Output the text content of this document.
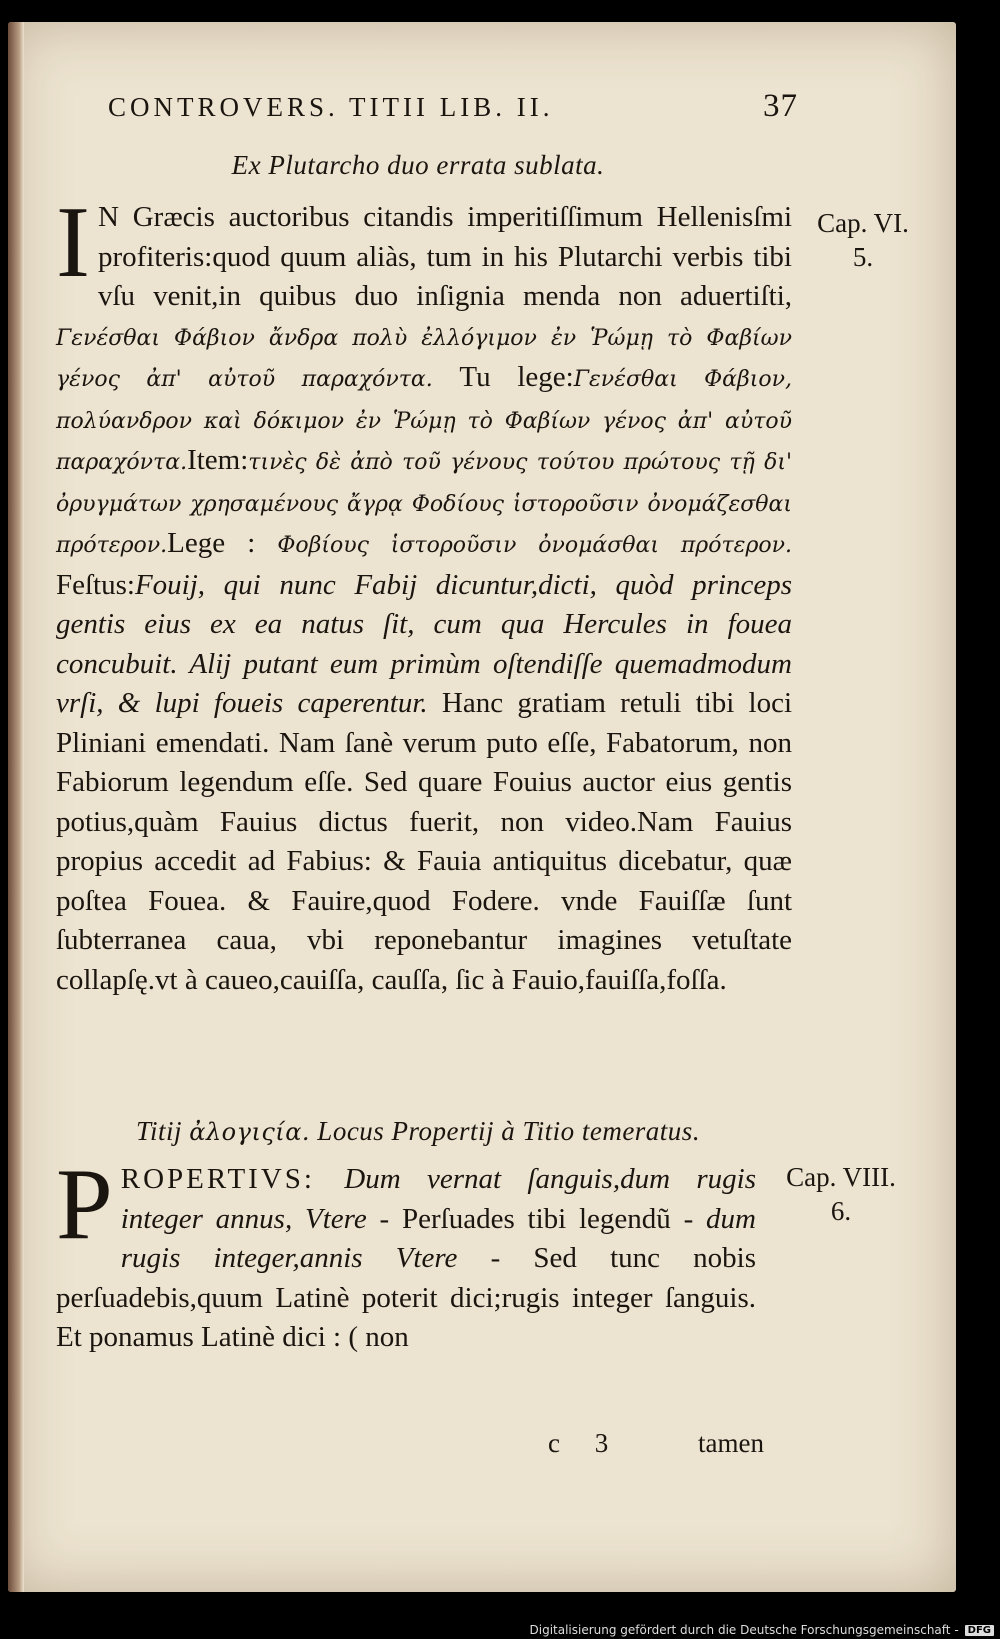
CONTROVERS. TITII LIB. II.	37
Ex Plutarcho duo errata sublata.
I N Græcis auctoribus citandis imperitiſſimum Hellenisſmi profiteris:quod quum aliàs, tum in his Plutarchi verbis tibi vſu venit,in quibus duo inſignia menda non aduertiſti, Γενέσθαι Φάβιον ἄνδρα πολὺ ἐλλόγιμον ἐν Ῥώμῃ τὸ Φαβίων γένος ἀπ' αὐτοῦ παραχόντα. Tu lege:Γενέσθαι Φάβιον, πολύανδρον καὶ δόκιμον ἐν Ῥώμῃ τὸ Φαβίων γένος ἀπ' αὐτοῦ παραχόντα.Item:τινὲς δὲ ἀπὸ τοῦ γένους τούτου πρώτους τῇ δι' ὀρυγμάτων χρησαμένους ἄγρᾳ Φοδίους ἱστοροῦσιν ὀνομάζεσθαι πρότερον.Lege : Φοβίους ἱστοροῦσιν ὀνομάσθαι πρότερον. Feſtus:Fouij, qui nunc Fabij dicuntur,dicti, quòd princeps gentis eius ex ea natus ſit, cum qua Hercules in fouea concubuit. Alij putant eum primùm oſtendiſſe quemadmodum vrſi, & lupi foueis caperentur. Hanc gratiam retuli tibi loci Pliniani emendati. Nam ſanè verum puto eſſe, Fabatorum, non Fabiorum legendum eſſe. Sed quare Fouius auctor eius gentis potius,quàm Fauius dictus fuerit, non video.Nam Fauius propius accedit ad Fabius: & Fauia antiquitus dicebatur, quæ poſtea Fouea. & Fauire,quod Fodere. vnde Fauiſſæ ſunt ſubterranea caua, vbi reponebantur imagines vetuſtate collapſę.vt à caueo,cauiſſa, cauſſa, ſic à Fauio,fauiſſa,foſſa.
Cap. VI.
5.
Titij ἀλογιςία. Locus Propertij à Titio temeratus.
PROPERTIVS: Dum vernat ſanguis,dum rugis integer annus, Vtere - Perſuades tibi legendũ - dum rugis integer,annis Vtere - Sed tunc nobis perſuadebis,quum Latinè poterit dici;rugis integer ſanguis. Et ponamus Latinè dici : ( non
Cap. VIII.
6.
c 3	tamen
Digitalisierung gefördert durch die Deutsche Forschungsgemeinschaft - DFG
